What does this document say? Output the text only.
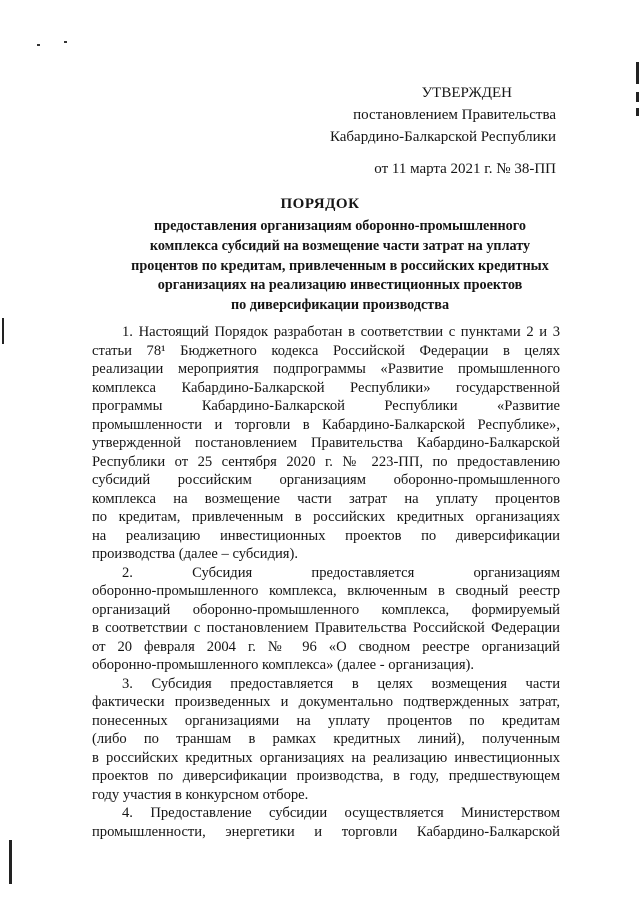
УТВЕРЖДЕН
постановлением Правительства
Кабардино-Балкарской Республики
от 11 марта 2021 г. № 38-ПП
ПОРЯДОК
предоставления организациям оборонно-промышленного
комплекса субсидий на возмещение части затрат на уплату
процентов по кредитам, привлеченным в российских кредитных
организациях на реализацию инвестиционных проектов
по диверсификации производства
1. Настоящий Порядок разработан в соответствии с пунктами 2 и 3
статьи 78¹ Бюджетного кодекса Российской Федерации в целях
реализации мероприятия подпрограммы «Развитие промышленного
комплекса Кабардино-Балкарской Республики» государственной
программы Кабардино-Балкарской Республики «Развитие
промышленности и торговли в Кабардино-Балкарской Республике»,
утвержденной постановлением Правительства Кабардино-Балкарской
Республики от 25 сентября 2020 г. № 223-ПП, по предоставлению
субсидий российским организациям оборонно-промышленного
комплекса на возмещение части затрат на уплату процентов
по кредитам, привлеченным в российских кредитных организациях
на реализацию инвестиционных проектов по диверсификации
производства (далее – субсидия).
2. Субсидия предоставляется организациям
оборонно-промышленного комплекса, включенным в сводный реестр
организаций оборонно-промышленного комплекса, формируемый
в соответствии с постановлением Правительства Российской Федерации
от 20 февраля 2004 г. № 96 «О сводном реестре организаций
оборонно-промышленного комплекса» (далее - организация).
3. Субсидия предоставляется в целях возмещения части
фактически произведенных и документально подтвержденных затрат,
понесенных организациями на уплату процентов по кредитам
(либо по траншам в рамках кредитных линий), полученным
в российских кредитных организациях на реализацию инвестиционных
проектов по диверсификации производства, в году, предшествующем
году участия в конкурсном отборе.
4. Предоставление субсидии осуществляется Министерством
промышленности, энергетики и торговли Кабардино-Балкарской
